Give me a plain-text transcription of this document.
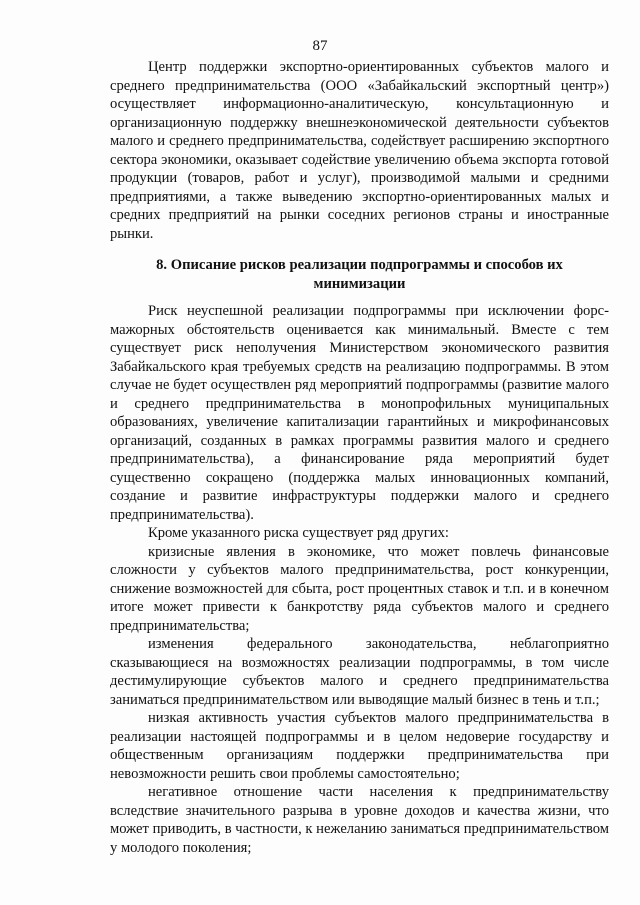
87

Центр поддержки экспортно-ориентированных субъектов малого и среднего предпринимательства (ООО «Забайкальский экспортный центр») осуществляет информационно-аналитическую, консультационную и организационную поддержку внешнеэкономической деятельности субъектов малого и среднего предпринимательства, содействует расширению экспортного сектора экономики, оказывает содействие увеличению объема экспорта готовой продукции (товаров, работ и услуг), производимой малыми и средними предприятиями, а также выведению экспортно-ориентированных малых и средних предприятий на рынки соседних регионов страны и иностранные рынки.

8. Описание рисков реализации подпрограммы и способов их минимизации

Риск неуспешной реализации подпрограммы при исключении форс-мажорных обстоятельств оценивается как минимальный. Вместе с тем существует риск неполучения Министерством экономического развития Забайкальского края требуемых средств на реализацию подпрограммы. В этом случае не будет осуществлен ряд мероприятий подпрограммы (развитие малого и среднего предпринимательства в монопрофильных муниципальных образованиях, увеличение капитализации гарантийных и микрофинансовых организаций, созданных в рамках программы развития малого и среднего предпринимательства), а финансирование ряда мероприятий будет существенно сокращено (поддержка малых инновационных компаний, создание и развитие инфраструктуры поддержки малого и среднего предпринимательства).

Кроме указанного риска существует ряд других:

кризисные явления в экономике, что может повлечь финансовые сложности у субъектов малого предпринимательства, рост конкуренции, снижение возможностей для сбыта, рост процентных ставок и т.п. и в конечном итоге может привести к банкротству ряда субъектов малого и среднего предпринимательства;

изменения федерального законодательства, неблагоприятно сказывающиеся на возможностях реализации подпрограммы, в том числе дестимулирующие субъектов малого и среднего предпринимательства заниматься предпринимательством или выводящие малый бизнес в тень и т.п.;

низкая активность участия субъектов малого предпринимательства в реализации настоящей подпрограммы и в целом недоверие государству и общественным организациям поддержки предпринимательства при невозможности решить свои проблемы самостоятельно;

негативное отношение части населения к предпринимательству вследствие значительного разрыва в уровне доходов и качества жизни, что может приводить, в частности, к нежеланию заниматься предпринимательством у молодого поколения;
